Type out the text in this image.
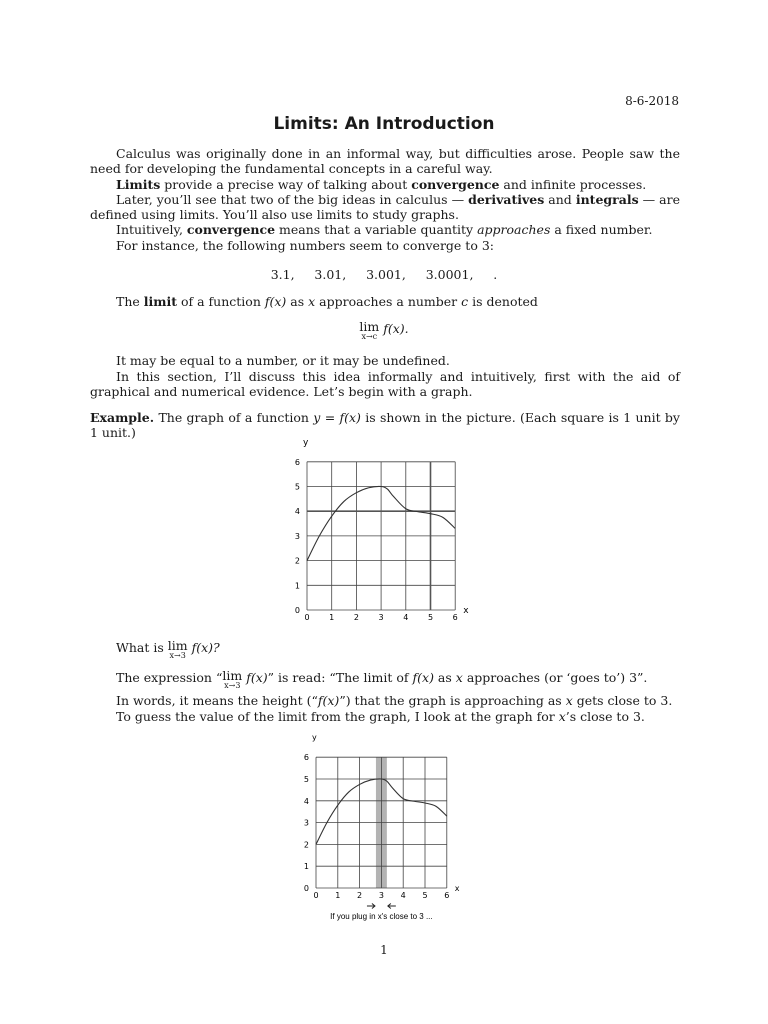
8-6-2018
Limits: An Introduction
Calculus was originally done in an informal way, but difficulties arose. People saw the need for developing the fundamental concepts in a careful way.
Limits provide a precise way of talking about convergence and infinite processes.
Later, you’ll see that two of the big ideas in calculus — derivatives and integrals — are defined using limits. You’ll also use limits to study graphs.
Intuitively, convergence means that a variable quantity approaches a fixed number.
For instance, the following numbers seem to converge to 3:
3.1,     3.01,     3.001,     3.0001,     .
The limit of a function f(x) as x approaches a number c is denoted
lim
x→c
f(x).
It may be equal to a number, or it may be undefined.
In this section, I’ll discuss this idea informally and intuitively, first with the aid of graphical and numerical evidence. Let’s begin with a graph.
Example. The graph of a function y = f(x) is shown in the picture. (Each square is 1 unit by 1 unit.)
0 1 2 3 4 5 6
0
1
2
3
4
5
6
y
x
What is lim
x→3
f(x)?
The expression “lim
x→3
f(x)” is read: “The limit of f(x) as x approaches (or ‘goes to’) 3”.
In words, it means the height (“f(x)”) that the graph is approaching as x gets close to 3.
To guess the value of the limit from the graph, I look at the graph for x’s close to 3.
0 1 2 3 4 5 6
0
1
2
3
4
5
6
y
x
If you plug in x's close to 3 ...
1
